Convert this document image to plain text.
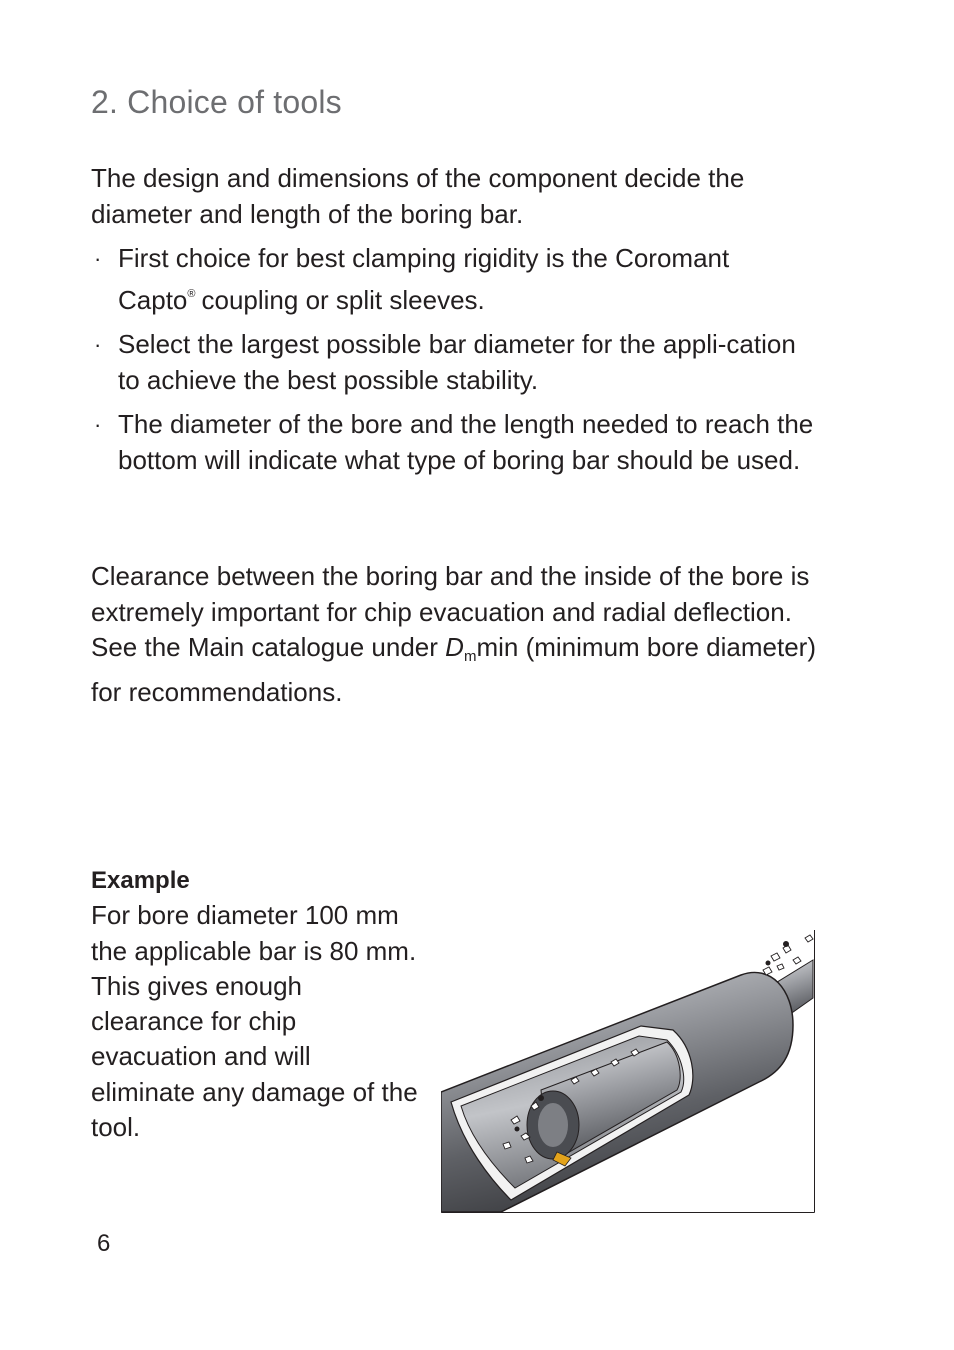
2. Choice of tools

The design and dimensions of the component decide the diameter and length of the boring bar.

· First choice for best clamping rigidity is the Coromant Capto® coupling or split sleeves.
· Select the largest possible bar diameter for the appli-cation to achieve the best possible stability.
· The diameter of the bore and the length needed to reach the bottom will indicate what type of boring bar should be used.

Clearance between the boring bar and the inside of the bore is extremely important for chip evacuation and radial deflection. See the Main catalogue under $D_m\min$ (minimum bore diameter) for recommendations.

Example
For bore diameter 100 mm the applicable bar is 80 mm. This gives enough clearance for chip evacuation and will eliminate any damage of the tool.

6
